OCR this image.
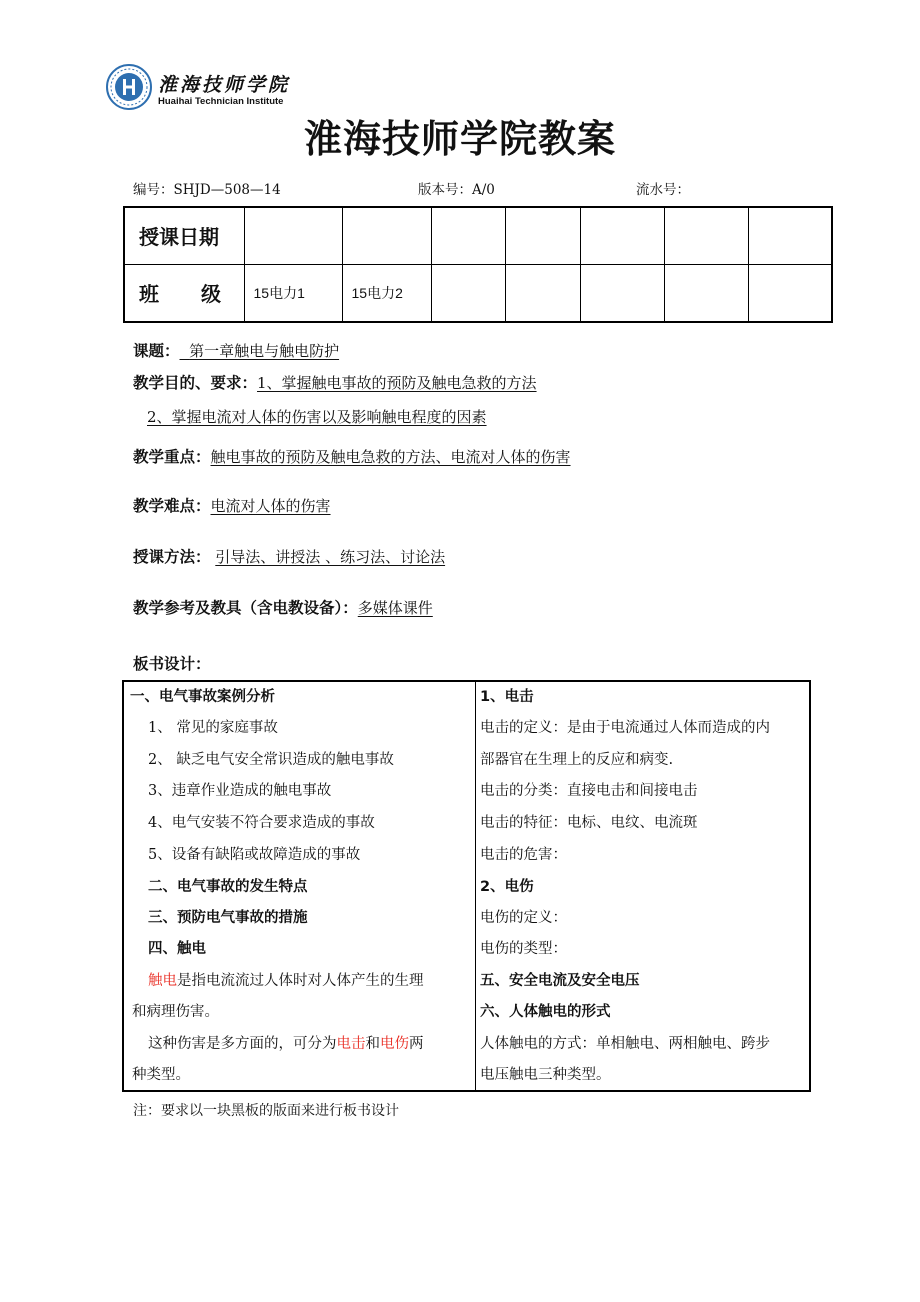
淮海技师学院
Huaihai Technician Institute
淮海技师学院教案
编号：SHJD—508—14	版本号：A/0	流水号：
授课日期							
班 级	15电力1	15电力2					
课题： 第一章触电与触电防护
教学目的、要求：1、掌握触电事故的预防及触电急救的方法
2、掌握电流对人体的伤害以及影响触电程度的因素
教学重点：触电事故的预防及触电急救的方法、电流对人体的伤害
教学难点：电流对人体的伤害
授课方法： 引导法、讲授法 、练习法、讨论法
教学参考及教具（含电教设备）：多媒体课件
板书设计：
一、电气事故案例分析
1、 常见的家庭事故
2、 缺乏电气安全常识造成的触电事故
3、违章作业造成的触电事故
4、电气安装不符合要求造成的事故
5、设备有缺陷或故障造成的事故
二、电气事故的发生特点
三、预防电气事故的措施
四、触电
触电是指电流流过人体时对人体产生的生理
和病理伤害。
这种伤害是多方面的，可分为电击和电伤两
种类型。
1、电击
电击的定义：是由于电流通过人体而造成的内
部器官在生理上的反应和病变.
电击的分类：直接电击和间接电击
电击的特征：电标、电纹、电流斑
电击的危害：
2、电伤
电伤的定义：
电伤的类型：
五、安全电流及安全电压
六、人体触电的形式
人体触电的方式：单相触电、两相触电、跨步
电压触电三种类型。
注：要求以一块黑板的版面来进行板书设计
